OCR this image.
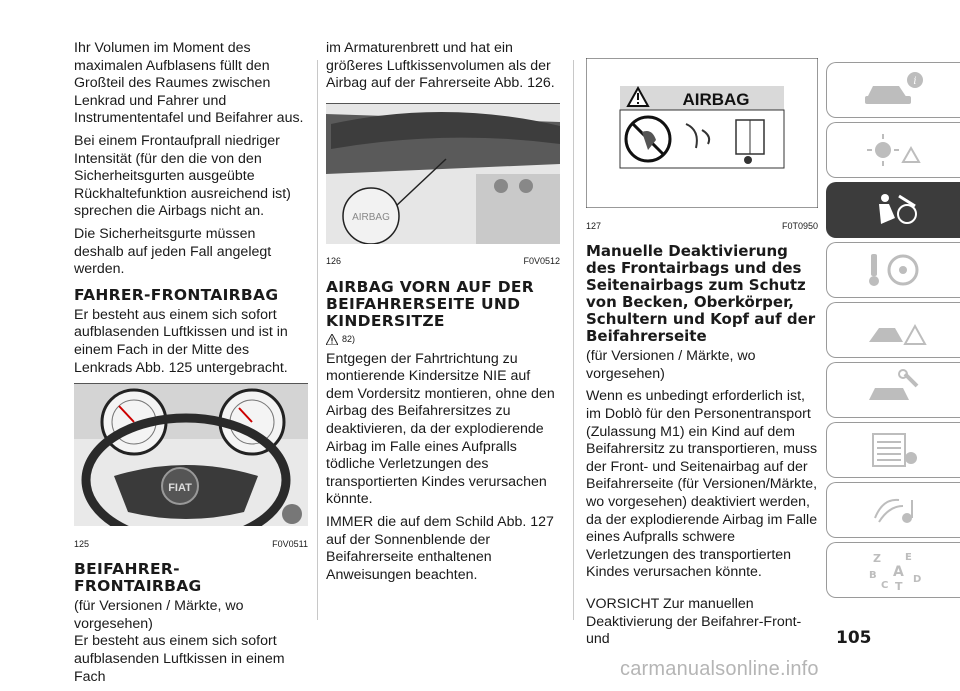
Ihr Volumen im Moment des maximalen Aufblasens füllt den Großteil des Raumes zwischen Lenkrad und Fahrer und Instrumententafel und Beifahrer aus.

Bei einem Frontaufprall niedriger Intensität (für den die von den Sicherheitsgurten ausgeübte Rückhaltefunktion ausreichend ist) sprechen die Airbags nicht an.

Die Sicherheitsgurte müssen deshalb auf jeden Fall angelegt werden.

FAHRER-FRONTAIRBAG

Er besteht aus einem sich sofort aufblasenden Luftkissen und ist in einem Fach in der Mitte des Lenkrads Abb. 125 untergebracht.

FIAT
125	F0V0511
BEIFAHRER-
FRONTAIRBAG

(für Versionen / Märkte, wo vorgesehen)

Er besteht aus einem sich sofort aufblasenden Luftkissen in einem Fach

im Armaturenbrett und hat ein größeres Luftkissenvolumen als der Airbag auf der Fahrerseite Abb. 126.

AIRBAG
126	F0V0512
AIRBAG VORN AUF DER BEIFAHRERSEITE UND KINDERSITZE
82)

Entgegen der Fahrtrichtung zu montierende Kindersitze NIE auf dem Vordersitz montieren, ohne den Airbag des Beifahrersitzes zu deaktivieren, da der explodierende Airbag im Falle eines Aufpralls tödliche Verletzungen des transportierten Kindes verursachen könnte.

IMMER die auf dem Schild Abb. 127 auf der Sonnenblende der Beifahrerseite enthaltenen Anweisungen beachten.

AIRBAG
127	F0T0950
Manuelle Deaktivierung des Frontairbags und des Seitenairbags zum Schutz von Becken, Oberkörper, Schultern und Kopf auf der Beifahrerseite

(für Versionen / Märkte, wo vorgesehen)

Wenn es unbedingt erforderlich ist, im Doblò für den Personentransport (Zulassung M1) ein Kind auf dem Beifahrersitz zu transportieren, muss der Front- und Seitenairbag auf der Beifahrerseite (für Versionen/Märkte, wo vorgesehen) deaktiviert werden, da der explodierende Airbag im Falle eines Aufpralls schwere Verletzungen des transportierten Kindes verursachen könnte.

VORSICHT Zur manuellen Deaktivierung der Beifahrer-Front- und

i
Z E
B A
C T
D
105
carmanualsonline.info
